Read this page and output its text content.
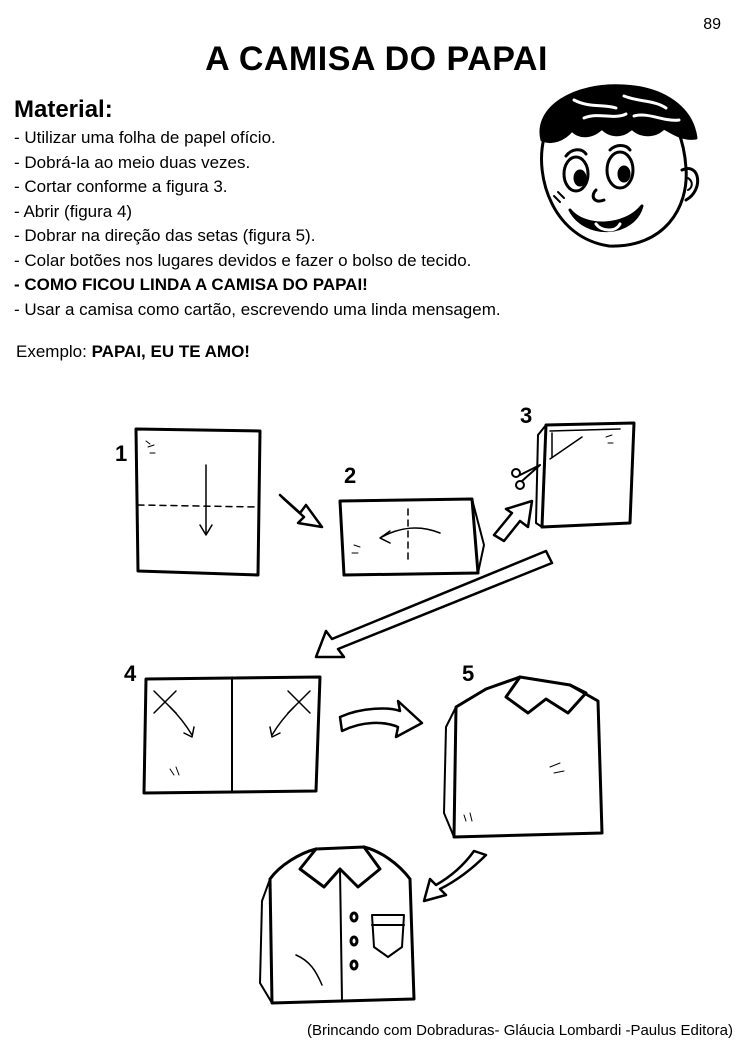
89
A CAMISA DO PAPAI
Material:
- Utilizar uma folha de papel ofício.
- Dobrá-la ao meio duas vezes.
- Cortar conforme a figura 3.
- Abrir (figura 4)
- Dobrar na direção das setas (figura 5).
- Colar botões nos lugares devidos e fazer o bolso de tecido.
- COMO FICOU LINDA A CAMISA DO PAPAI!
- Usar a camisa como cartão, escrevendo uma linda mensagem.
Exemplo: PAPAI, EU TE AMO!
1
2
3
4	5
(Brincando com Dobraduras- Gláucia Lombardi -Paulus Editora)
